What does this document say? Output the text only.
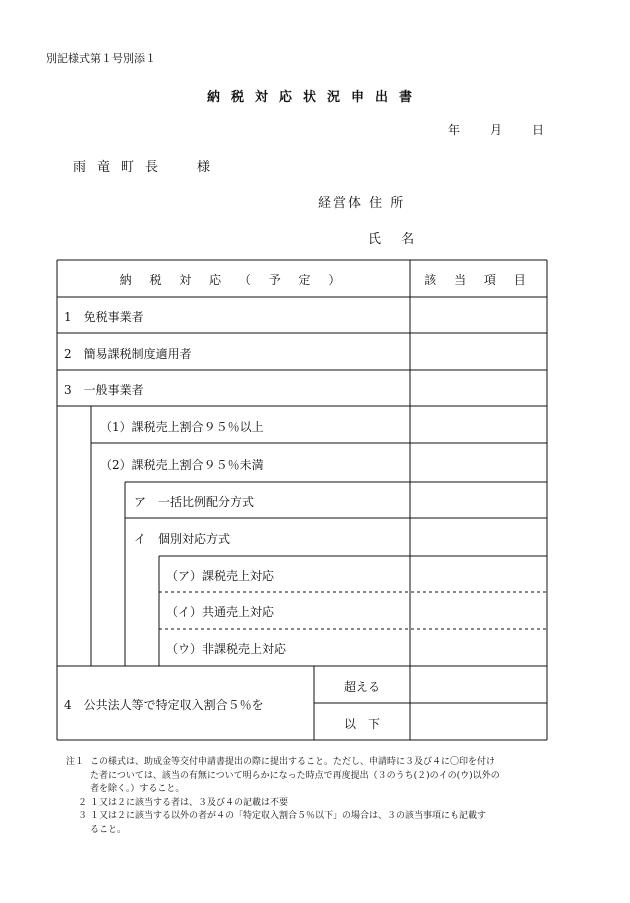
別記様式第１号別添１
納税対応状況申出書
年	月	日
雨竜町長 様
経営体 住 所
氏 名
納 税 対 応 （ 予 定 ）	該 当 項 目
1　免税事業者
2　簡易課税制度適用者
3　一般事業者
（1）課税売上割合９５％以上
（2）課税売上割合９５％未満
ア　一括比例配分方式
イ　個別対応方式
（ア）課税売上対応
（イ）共通売上対応
（ウ）非課税売上対応
4　公共法人等で特定収入割合５％を
超える
以　下
注１ この様式は、助成金等交付申請書提出の際に提出すること。ただし、申請時に３及び４に〇印を付け
た者については、該当の有無について明らかになった時点で再度提出（３のうち(２)のイの(ウ)以外の
者を除く。）すること。
２ １又は２に該当する者は、３及び４の記載は不要
３ １又は２に該当する以外の者が４の「特定収入割合５％以下」の場合は、３の該当事項にも記載す
ること。
